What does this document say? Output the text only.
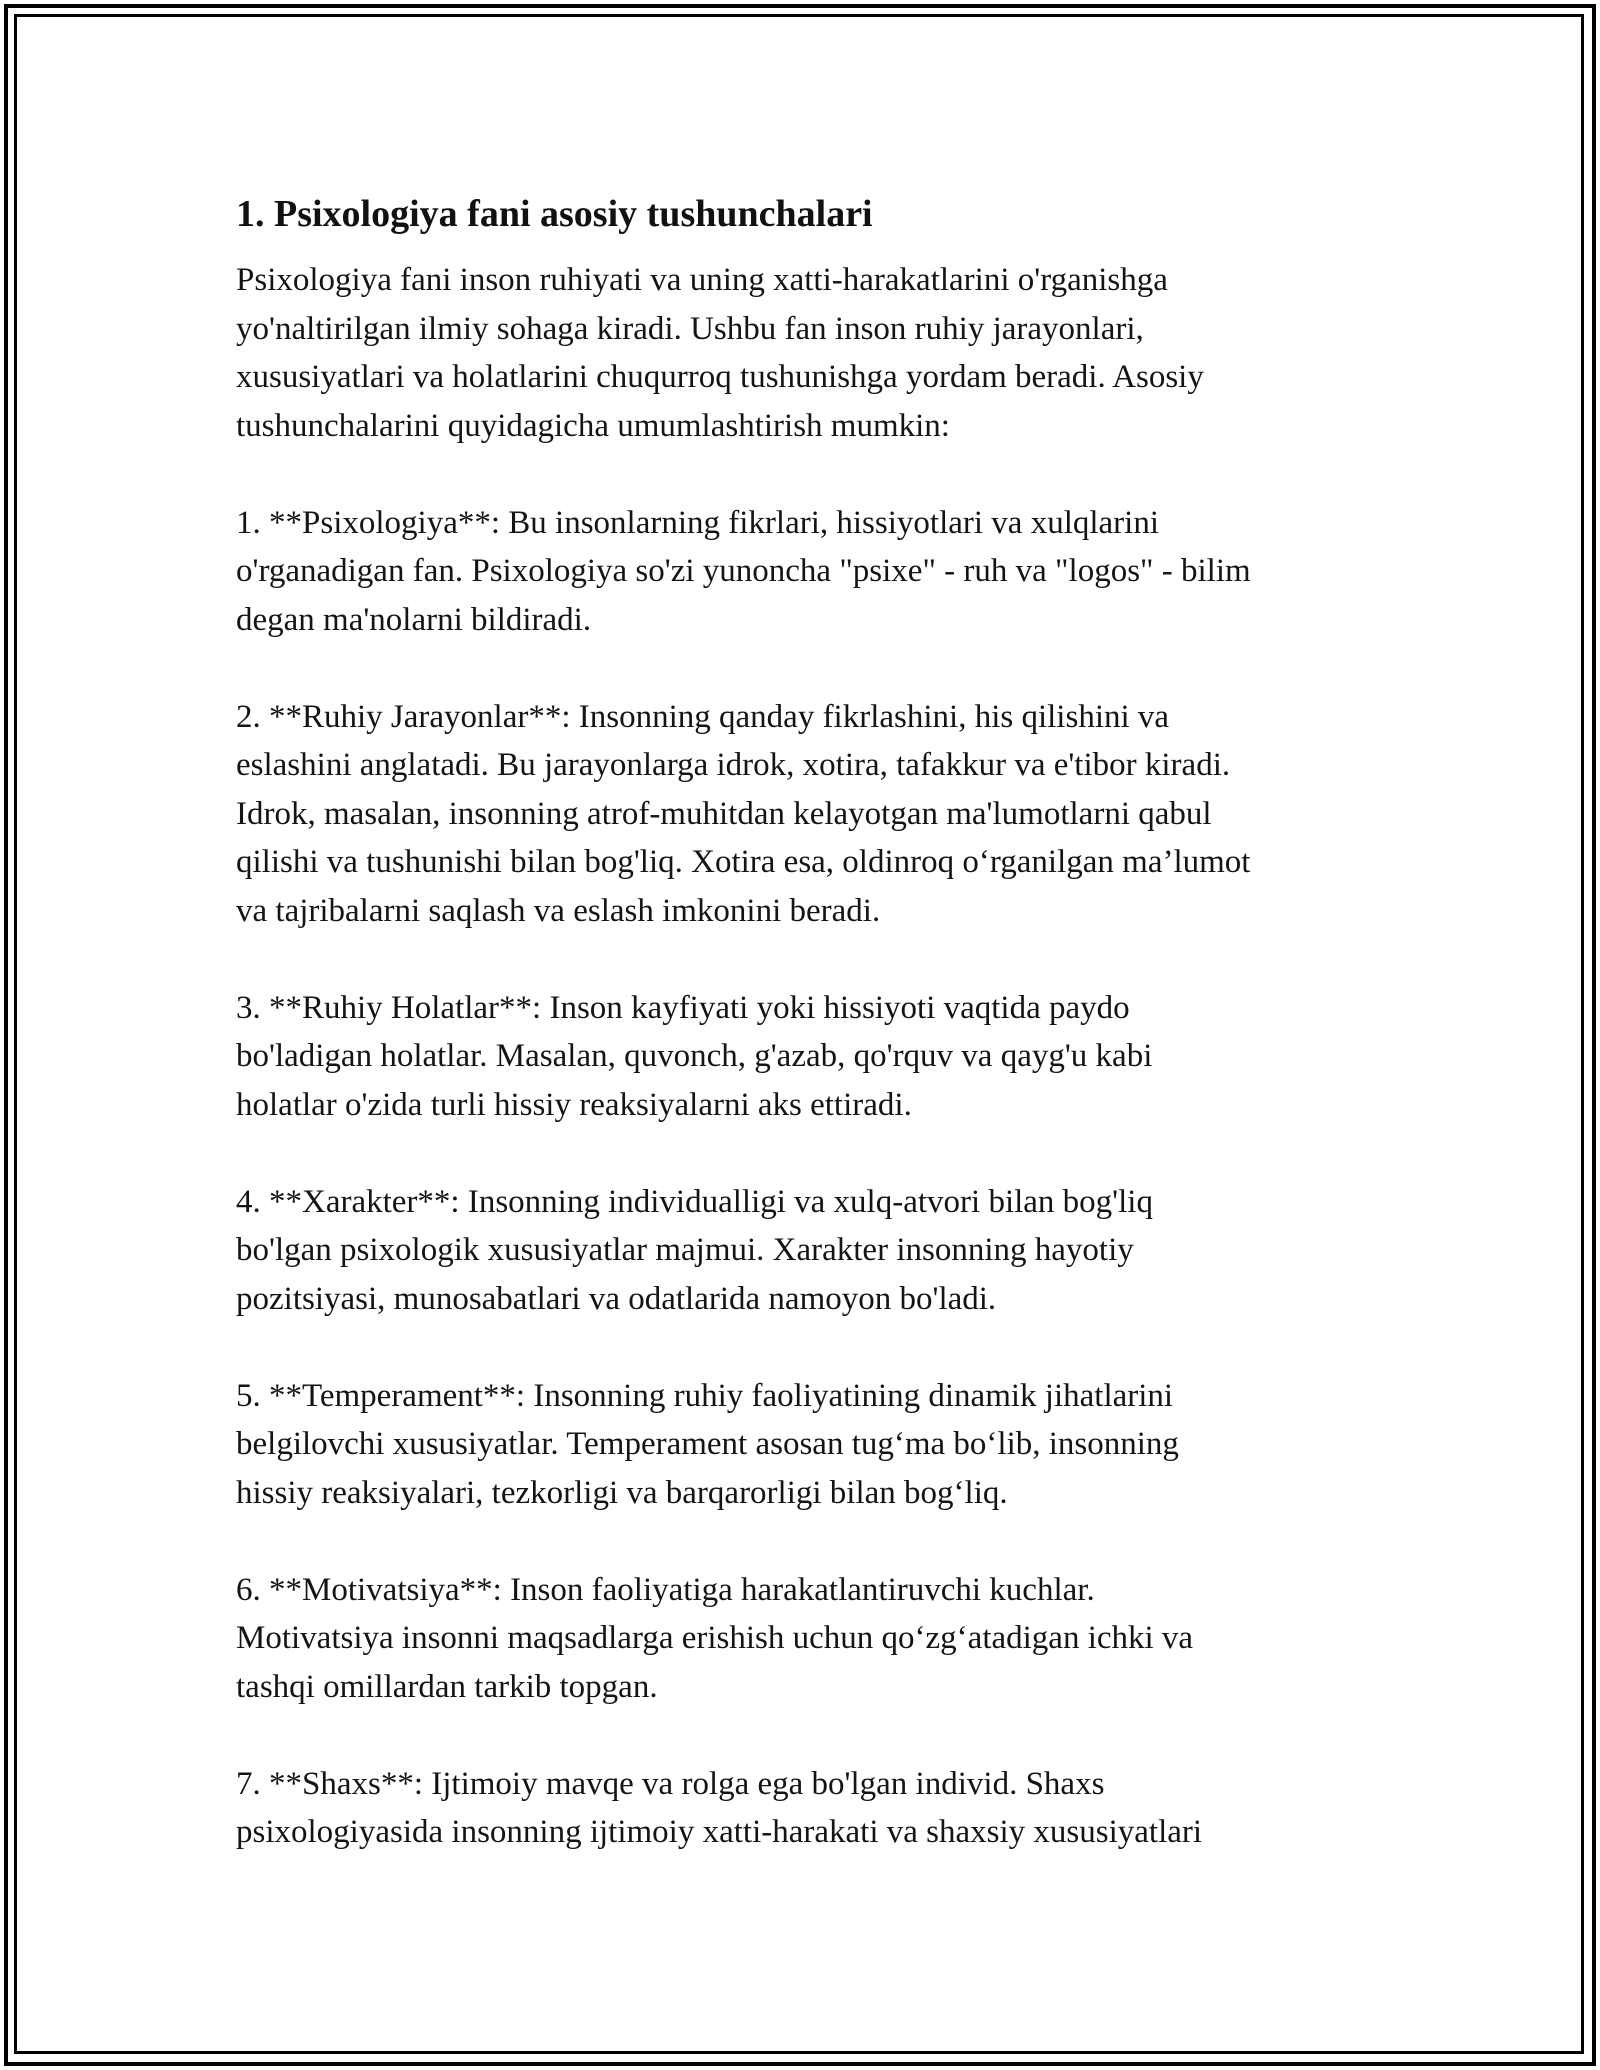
1. Psixologiya fani asosiy tushunchalari

Psixologiya fani inson ruhiyati va uning xatti-harakatlarini o'rganishga
yo'naltirilgan ilmiy sohaga kiradi. Ushbu fan inson ruhiy jarayonlari,
xususiyatlari va holatlarini chuqurroq tushunishga yordam beradi. Asosiy
tushunchalarini quyidagicha umumlashtirish mumkin:

1. **Psixologiya**: Bu insonlarning fikrlari, hissiyotlari va xulqlarini
o'rganadigan fan. Psixologiya so'zi yunoncha "psixe" - ruh va "logos" - bilim
degan ma'nolarni bildiradi.

2. **Ruhiy Jarayonlar**: Insonning qanday fikrlashini, his qilishini va
eslashini anglatadi. Bu jarayonlarga idrok, xotira, tafakkur va e'tibor kiradi.
Idrok, masalan, insonning atrof-muhitdan kelayotgan ma'lumotlarni qabul
qilishi va tushunishi bilan bog'liq. Xotira esa, oldinroq o‘rganilgan ma’lumot
va tajribalarni saqlash va eslash imkonini beradi.

3. **Ruhiy Holatlar**: Inson kayfiyati yoki hissiyoti vaqtida paydo
bo'ladigan holatlar. Masalan, quvonch, g'azab, qo'rquv va qayg'u kabi
holatlar o'zida turli hissiy reaksiyalarni aks ettiradi.

4. **Xarakter**: Insonning individualligi va xulq-atvori bilan bog'liq
bo'lgan psixologik xususiyatlar majmui. Xarakter insonning hayotiy
pozitsiyasi, munosabatlari va odatlarida namoyon bo'ladi.

5. **Temperament**: Insonning ruhiy faoliyatining dinamik jihatlarini
belgilovchi xususiyatlar. Temperament asosan tug‘ma bo‘lib, insonning
hissiy reaksiyalari, tezkorligi va barqarorligi bilan bog‘liq.

6. **Motivatsiya**: Inson faoliyatiga harakatlantiruvchi kuchlar.
Motivatsiya insonni maqsadlarga erishish uchun qo‘zg‘atadigan ichki va
tashqi omillardan tarkib topgan.

7. **Shaxs**: Ijtimoiy mavqe va rolga ega bo'lgan individ. Shaxs
psixologiyasida insonning ijtimoiy xatti-harakati va shaxsiy xususiyatlari
